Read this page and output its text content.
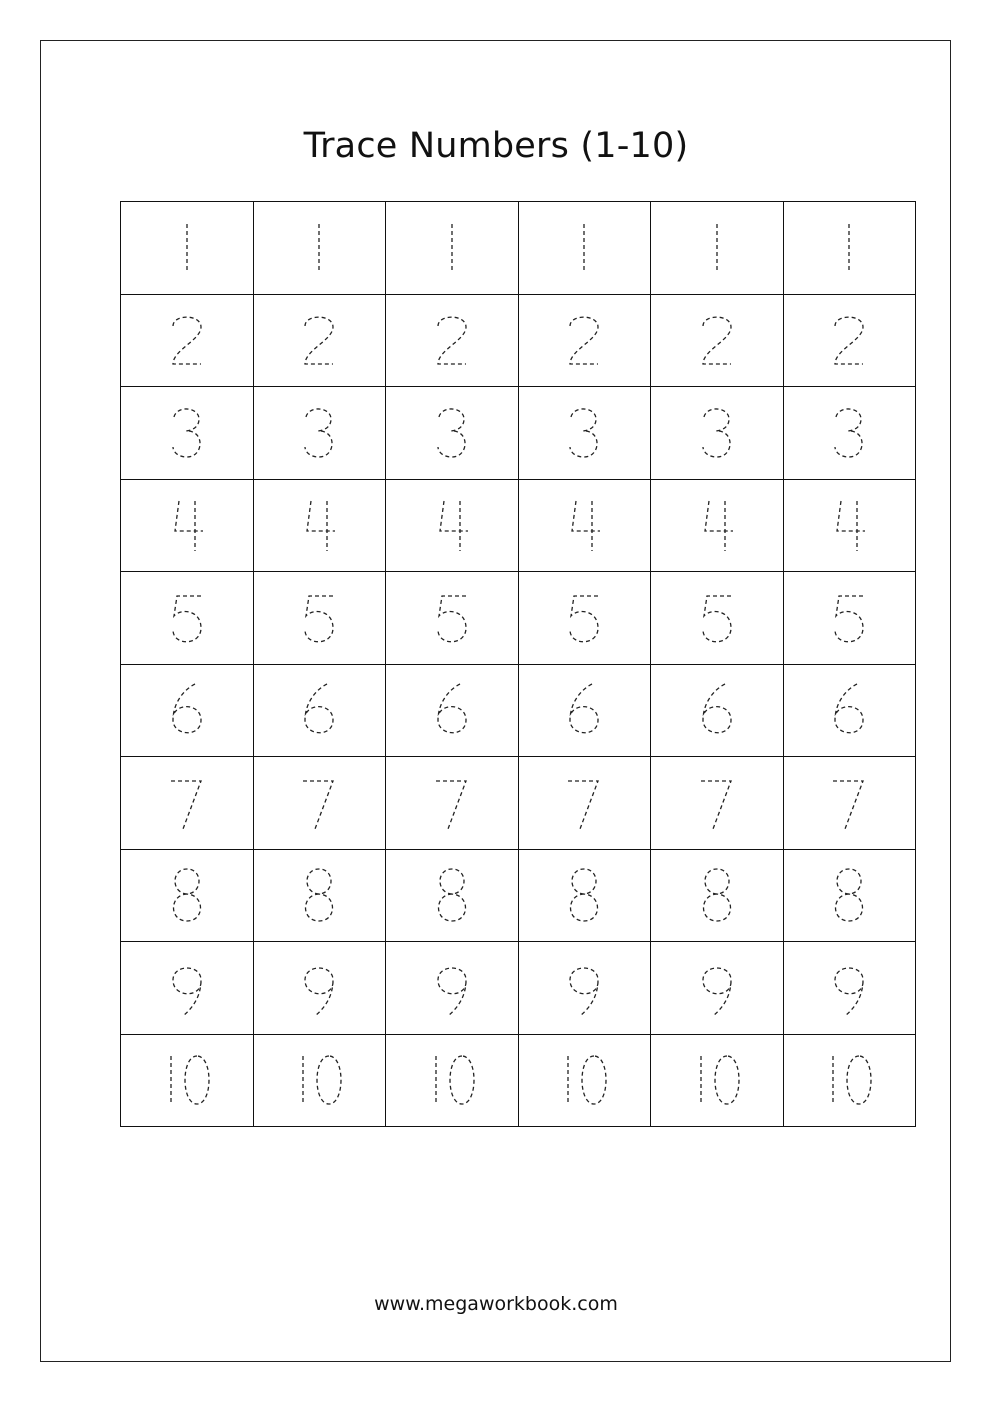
Trace Numbers (1-10)
www.megaworkbook.com
